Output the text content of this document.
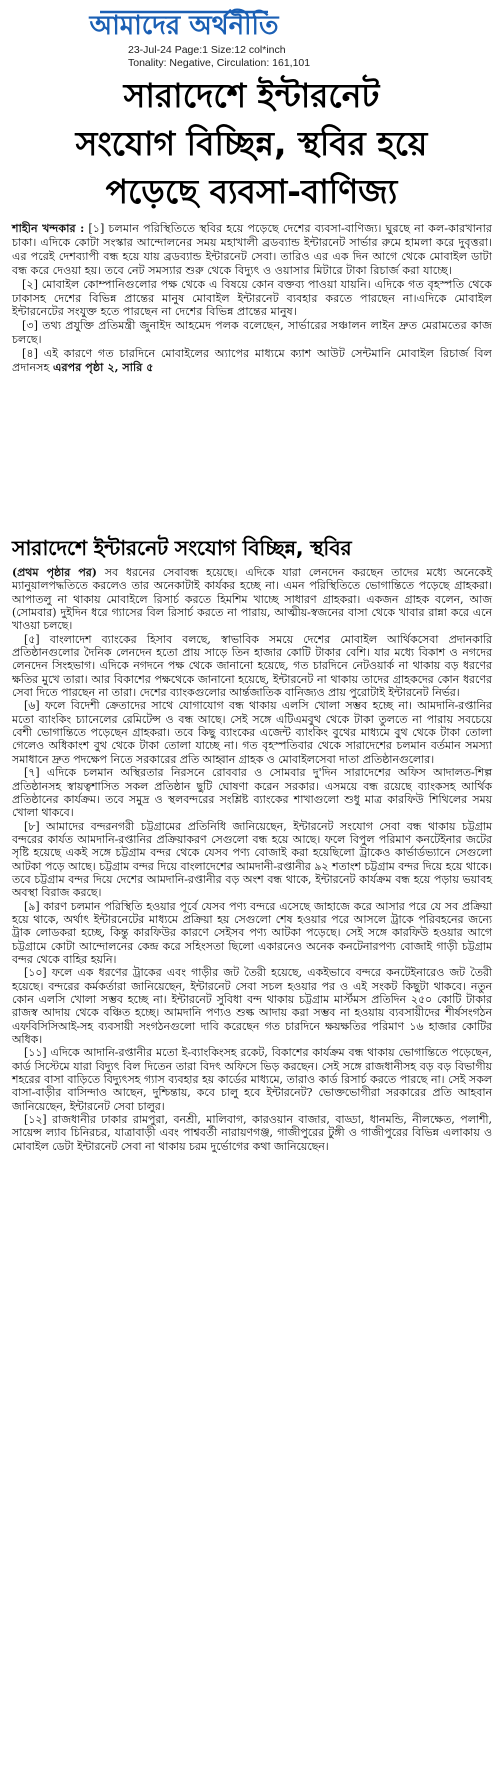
আমাদের অর্থনীতি
23-Jul-24 Page:1 Size:12 col*inch
Tonality: Negative, Circulation: 161,101
সারাদেশে ইন্টারনেট
সংযোগ বিচ্ছিন্ন, স্থবির হয়ে
পড়েছে ব্যবসা-বাণিজ্য

শাহীন খন্দকার : [১] চলমান পরিস্থিতিতে স্থবির হয়ে পড়েছে দেশের ব্যবসা-বাণিজ্য। ঘুরছে না কল-কারখানার চাকা। এদিকে কোটা সংস্কার আন্দোলনের সময় মহাখালী ব্রডব্যান্ড ইন্টারনেট সার্ভার রুমে হামলা করে দুবৃত্তরা। এর পরেই দেশব্যাপী বন্ধ হয়ে যায় ব্রডব্যান্ড ইন্টারনেট সেবা। তারিও এর এক দিন আগে থেকে মোবাইল ডাটা বন্ধ করে দেওয়া হয়। তবে নেট সমস্যার শুরু থেকে বিদ্যুৎ ও ওয়াসার মিটারে টাকা রিচার্জ করা যাচ্ছে।

[২] মোবাইল কোম্পানিগুলোর পক্ষ থেকে এ বিষয়ে কোন বক্তব্য পাওয়া যায়নি। এদিকে গত বৃহস্পতি থেকে ঢাকাসহ দেশের বিভিন্ন প্রান্তের মানুষ মোবাইল ইন্টারনেট ব্যবহার করতে পারছেন না।এদিকে মোবাইল ইন্টারনেটের সংযুক্ত হতে পারছেন না দেশের বিভিন্ন প্রান্তের মানুষ।

[৩] তথ্য প্রযুক্তি প্রতিমন্ত্রী জুনাইদ আহমেদ পলক বলেছেন, সার্ভারের সঞ্চালন লাইন দ্রুত মেরামতের কাজ চলছে।

[৪] এই কারণে গত চারদিনে মোবাইলের অ্যাপের মাধ্যমে ক্যাশ আউট সেন্টমানি মোবাইল রিচার্জ বিল প্রদানসহ এরপর পৃষ্ঠা ২, সারি ৫

সারাদেশে ইন্টারনেট সংযোগ বিচ্ছিন্ন, স্থবির

(প্রথম পৃষ্ঠার পর) সব ধরনের সেবাবন্ধ হয়েছে। এদিকে যারা লেনদেন করছেন তাদের মধ্যে অনেকেই ম্যানুয়ালপদ্ধতিতে করলেও তার অনেকাটাই কার্যকর হচ্ছে না। এমন পরিস্থিতিতে ভোগান্তিতে পড়েছে গ্রাহকরা। আপাতলু না থাকায় মোবাইলে রিসার্চ করতে হিমশিম খাচ্ছে সাধারণ গ্রাহকরা। একজন গ্রাহক বলেন, আজ (সোমবার) দুইদিন ধরে গ্যাসের বিল রিসার্চ করতে না পারায়, আত্মীয়-স্বজনের বাসা থেকে খাবার রান্না করে এনে খাওয়া চলছে।

[৫] বাংলাদেশ ব্যাংকের হিসাব বলছে, স্বাভাবিক সময়ে দেশের মোবাইল আর্থিকসেবা প্রদানকারি প্রতিষ্ঠানগুলোর দৈনিক লেনদেন হতো প্রায় সাড়ে তিন হাজার কোটি টাকার বেশি। যার মধ্যে বিকাশ ও নগদের লেনদেন সিংহভাগ। এদিকে নগদনে পক্ষ থেকে জানানো হয়েছে, গত চারদিনে নেটওয়ার্ক না থাকায় বড় ধরণের ক্ষতির মুখে তারা। আর বিকাশের পক্ষথেকে জানানো হয়েছে, ইন্টারনেট না থাকায় তাদের গ্রাহকদের কোন ধরণের সেবা দিতে পারছেন না তারা। দেশের ব্যাংকগুলোর আর্ন্তজাতিক বানিজ্যও প্রায় পুরোটাই ইন্টারনেট নির্ভর।

[৬] ফলে বিদেশী ক্রেতাদের সাথে যোগাযোগ বন্ধ থাকায় এলসি খোলা সম্ভব হচ্ছে না। আমদানি-রপ্তানির মতো ব্যাংকিং চ্যানেলের রেমিটেন্স ও বন্ধ আছে। সেই সঙ্গে এটিএমবুথ থেকে টাকা তুলতে না পারায় সবচেয়ে বেশী ভোগান্তিতে পড়েছেন গ্রাহকরা। তবে কিছু ব্যাংকের এজেন্ট ব্যাংকিং বুথের মাধ্যমে বুথ থেকে টাকা তোলা গেলেও অধিকাংশ বুথ থেকে টাকা তোলা যাচ্ছে না। গত বৃহস্পতিবার থেকে সারাদেশের চলমান বর্তমান সমস্যা সমাধানে দ্রুত পদক্ষেপ নিতে সরকারের প্রতি আহ্বান গ্রাহক ও মোবাইলসেবা দাতা প্রতিষ্ঠানগুলোর।

[৭] এদিকে চলমান অস্থিরতার নিরসনে রোববার ও সোমবার দু'দিন সারাদেশের অফিস আদালত-শিল্প প্রতিষ্ঠানসহ স্বায়ত্বশাসিত সকল প্রতিষ্ঠান ছুটি ঘোষণা করেন সরকার। এসময়ে বন্ধ রয়েছে ব্যাংকসহ আর্থিক প্রতিষ্ঠানের কার্যক্রম। তবে সমুদ্র ও স্থলবন্দরের সংশ্লিষ্ট ব্যাংকের শাখাগুলো শুধু মাত্র কারফিউ শিথিলের সময় খোলা থাকবে।

[৮] আমাদের বন্দরনগরী চট্টগ্রামের প্রতিনিধি জানিয়েছেন, ইন্টারনেট সংযোগ সেবা বন্ধ থাকায় চট্টগ্রাম বন্দরের কার্যত আমদানি-রপ্তানির প্রক্রিয়াকরণ সেগুলো বন্ধ হয়ে আছে। ফলে বিপুল পরিমাণ কনটেইনার জটের সৃষ্টি হয়েছে একই সঙ্গে চট্টগ্রাম বন্দর থেকে যেসব পণ্য বোজাই করা হয়েছিলো ট্রাকেও কার্ভার্ডভ্যানে সেগুলো আটকা পড়ে আছে। চট্টগ্রাম বন্দর দিয়ে বাংলাদেশের আমদানী-রপ্তানীর ৯২ শতাংশ চট্টগ্রাম বন্দর দিয়ে হয়ে থাকে। তবে চট্টগ্রাম বন্দর দিয়ে দেশের আমদানি-রপ্তানীর বড় অংশ বন্ধ থাকে, ইন্টারনেট কার্যক্রম বন্ধ হয়ে পড়ায় ভয়াবহ অবস্থা বিরাজ করছে।

[৯] কারণ চলমান পরিস্থিতি হওয়ার পূর্বে যেসব পণ্য বন্দরে এসেছে জাহাজে করে আসার পরে যে সব প্রক্রিয়া হয়ে থাকে, অর্থাৎ ইন্টারনেটের মাধ্যমে প্রক্রিয়া হয় সেগুলো শেষ হওয়ার পরে আসলে ট্রাকে পরিবহনের জন্যে ট্রাক লোডকরা হচ্ছে, কিন্তু কারফিউর কারণে সেইসব পণ্য আটকা পড়েছে। সেই সঙ্গে কারফিউ হওয়ার আগে চট্টগ্রামে কোটা আন্দোলনের কেন্দ্র করে সহিংসতা ছিলো একারনেও অনেক কনটেনারপণ্য বোজাই গাড়ী চট্টগ্রাম বন্দর থেকে বাহির হয়নি।

[১০] ফলে এক ধরণের ট্রাকের এবং গাড়ীর জট তৈরী হয়েছে, একইভাবে বন্দরে কনটেইনারেও জট তৈরী হয়েছে। বন্দরের কর্মকর্তারা জানিয়েছেন, ইন্টারনেট সেবা সচল হওয়ার পর ও এই সংকট কিছুটা থাকবে। নতুন কোন এলসি খোলা সম্ভব হচ্ছে না। ইন্টারনেট সুবিধা বন্দ থাকায় চট্টগ্রাম মার্স্টমস প্রতিদিন ২৫০ কোটি টাকার রাজস্ব আদায় থেকে বঞ্চিত হচ্ছে। আমদানি পণ্যও শুল্ক আদায় করা সম্ভব না হওয়ায় ব্যবসায়ীদের শীর্ষসংগঠন এফবিসিসিআই-সহ ব্যবসায়ী সংগঠনগুলো দাবি করেছেন গত চারদিনে ক্ষয়ক্ষতির পরিমাণ ১৬ হাজার কোটির অধিক।

[১১] এদিকে আদানি-রপ্তানীর মতো ই-ব্যাংকিংসহ রকেট, বিকাশের কার্যক্রম বন্ধ থাকায় ভোগান্তিতে পড়েছেন, কার্ড সিস্টেমে যারা বিদ্যুৎ বিল দিতেন তারা বিদৎ অফিসে ভিড় করছেন। সেই সঙ্গে রাজধানীসহ বড় বড় বিভাগীয় শহরের বাসা বাড়িতে বিদ্যুৎসহ গ্যাস ব্যবহার হয় কার্ডের মাধ্যমে, তারাও কার্ড রিসার্চ করতে পারছে না। সেই সকল বাসা-বাড়ীর বাসিন্দাও আছেন, দুশ্চিন্তায়, কবে চালু হবে ইন্টারনেট? ভোক্তভোগীরা সরকারের প্রতি আহবান জানিয়েছেন, ইন্টারনেট সেবা চালুর।

[১২] রাজধানীর ঢাকার রামপুরা, বনশ্রী, মালিবাগ, কারওয়ান বাজার, বাড্ডা, ধানমন্ডি, নীলক্ষেত, পলাশী, সায়েন্স ল্যাব চিনিরচর, যাত্রাবাড়ী এবং পাশ্ববর্তী নারায়ণগঞ্জ, গাজীপুরের টুঙ্গী ও গাজীপুরের বিভিন্ন এলাকায় ও মোবাইল ডেটা ইন্টারনেট সেবা না থাকায় চরম দুর্ভোগের কথা জানিয়েছেন।
